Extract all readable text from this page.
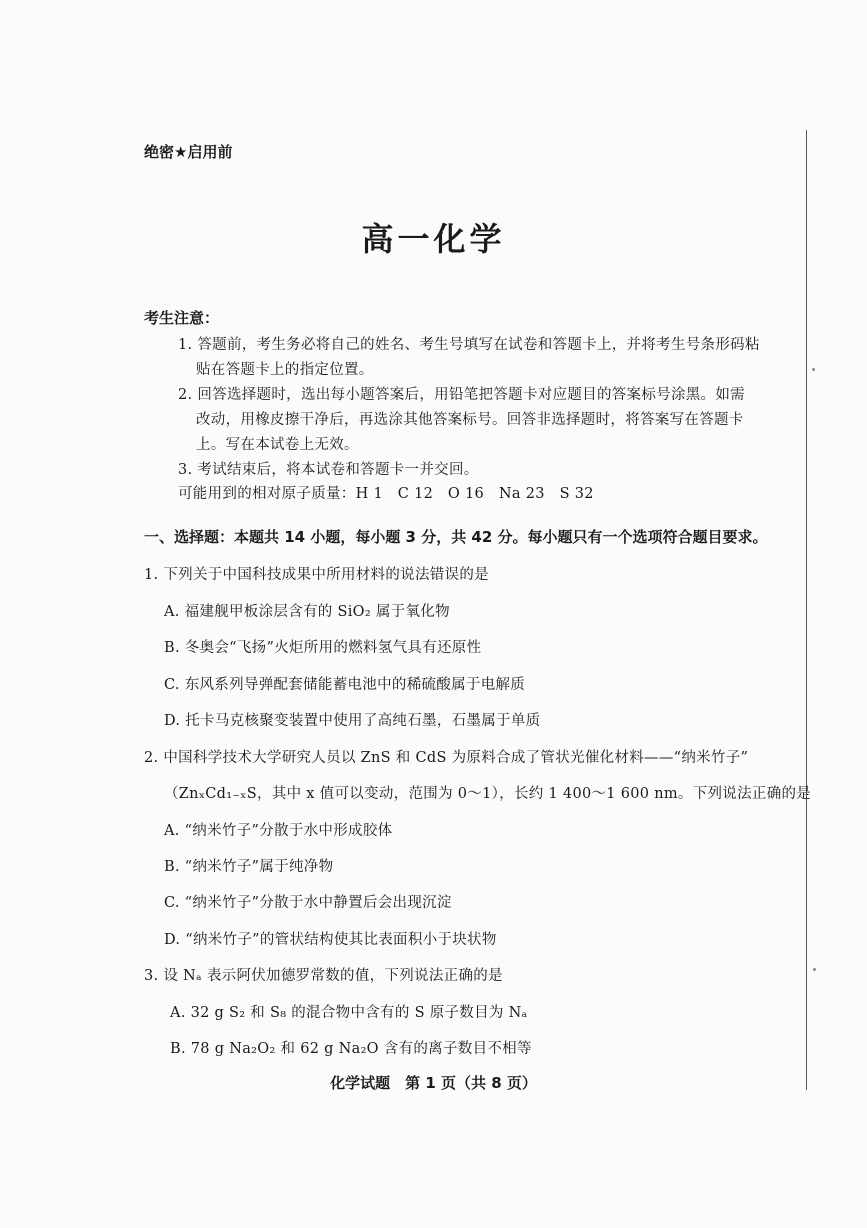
绝密★启用前
高一化学
考生注意：
1. 答题前，考生务必将自己的姓名、考生号填写在试卷和答题卡上，并将考生号条形码粘
贴在答题卡上的指定位置。
2. 回答选择题时，选出每小题答案后，用铅笔把答题卡对应题目的答案标号涂黑。如需
改动，用橡皮擦干净后，再选涂其他答案标号。回答非选择题时，将答案写在答题卡
上。写在本试卷上无效。
3. 考试结束后，将本试卷和答题卡一并交回。
可能用到的相对原子质量：H 1　C 12　O 16　Na 23　S 32
一、选择题：本题共 14 小题，每小题 3 分，共 42 分。每小题只有一个选项符合题目要求。
1. 下列关于中国科技成果中所用材料的说法错误的是
A. 福建舰甲板涂层含有的 SiO₂ 属于氧化物
B. 冬奥会“飞扬”火炬所用的燃料氢气具有还原性
C. 东风系列导弹配套储能蓄电池中的稀硫酸属于电解质
D. 托卡马克核聚变装置中使用了高纯石墨，石墨属于单质
2. 中国科学技术大学研究人员以 ZnS 和 CdS 为原料合成了管状光催化材料——“纳米竹子”
（ZnₓCd₁₋ₓS，其中 x 值可以变动，范围为 0～1），长约 1 400～1 600 nm。下列说法正确的是
A. “纳米竹子”分散于水中形成胶体
B. “纳米竹子”属于纯净物
C. “纳米竹子”分散于水中静置后会出现沉淀
D. “纳米竹子”的管状结构使其比表面积小于块状物
3. 设 Nₐ 表示阿伏加德罗常数的值，下列说法正确的是
A. 32 g S₂ 和 S₈ 的混合物中含有的 S 原子数目为 Nₐ
B. 78 g Na₂O₂ 和 62 g Na₂O 含有的离子数目不相等
化学试题　第 1 页（共 8 页）
